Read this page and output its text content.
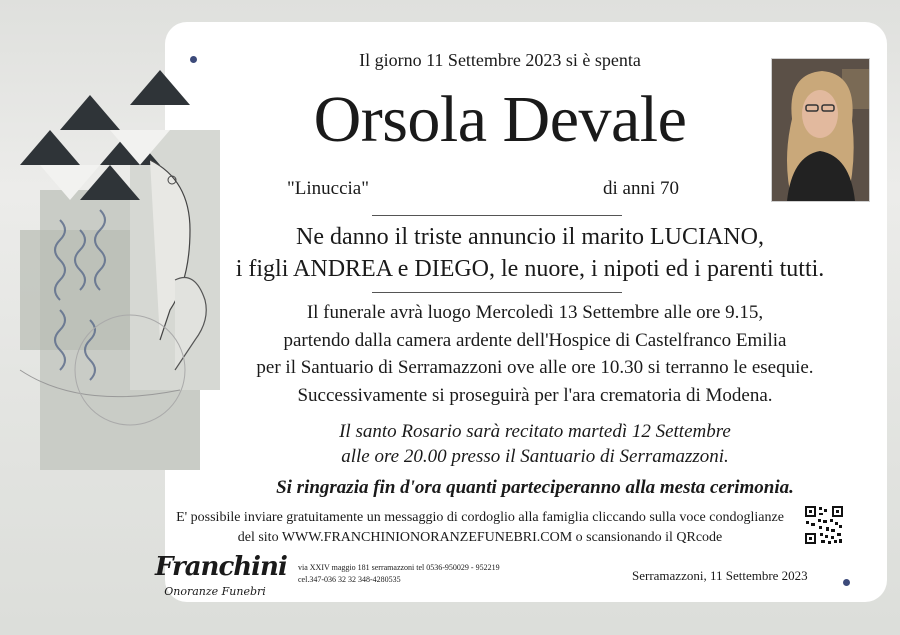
Il giorno 11 Settembre 2023 si è spenta
Orsola Devale
"Linuccia"	di anni 70
Ne danno il triste annuncio il marito LUCIANO,
i figli ANDREA e DIEGO, le nuore, i nipoti ed i parenti tutti.
Il funerale avrà luogo Mercoledì 13 Settembre alle ore 9.15,
partendo dalla camera ardente dell'Hospice di Castelfranco Emilia
per il Santuario di Serramazzoni ove alle ore 10.30 si terranno le esequie.
Successivamente si proseguirà per l'ara crematoria di Modena.
Il santo Rosario sarà recitato martedì 12 Settembre
alle ore 20.00 presso il Santuario di Serramazzoni.
Si ringrazia fin d'ora quanti parteciperanno alla mesta cerimonia.
E' possibile inviare gratuitamente un messaggio di cordoglio alla famiglia cliccando sulla voce condoglianze
del sito WWW.FRANCHINIONORANZEFUNEBRI.COM o scansionando il QRcode
Franchini
Onoranze Funebri
via XXIV maggio 181 serramazzoni tel 0536-950029 - 952219
cel.347-036 32 32 348-4280535	Serramazzoni, 11 Settembre 2023
